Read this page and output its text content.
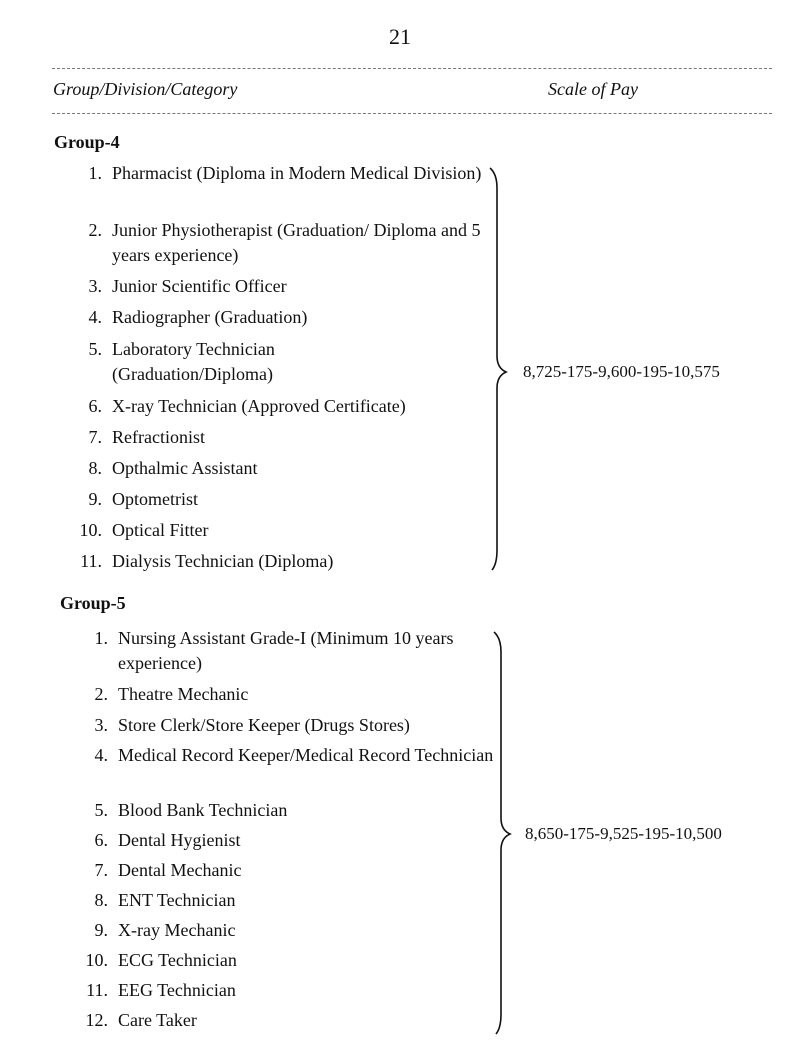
21
Group/Division/Category	Scale of Pay
Group-4
1. Pharmacist (Diploma in Modern Medical Division)
2. Junior Physiotherapist (Graduation/ Diploma and 5 years experience)
3. Junior Scientific Officer
4. Radiographer (Graduation)
5. Laboratory Technician (Graduation/Diploma)
6. X-ray Technician (Approved Certificate)
7. Refractionist
8. Opthalmic Assistant
9. Optometrist
10. Optical Fitter
11. Dialysis Technician (Diploma)
8,725-175-9,600-195-10,575
Group-5
1. Nursing Assistant Grade-I (Minimum 10 years experience)
2. Theatre Mechanic
3. Store Clerk/Store Keeper (Drugs Stores)
4. Medical Record Keeper/Medical Record Technician
5. Blood Bank Technician
6. Dental Hygienist
7. Dental Mechanic
8. ENT Technician
9. X-ray Mechanic
10. ECG Technician
11. EEG Technician
12. Care Taker
8,650-175-9,525-195-10,500
